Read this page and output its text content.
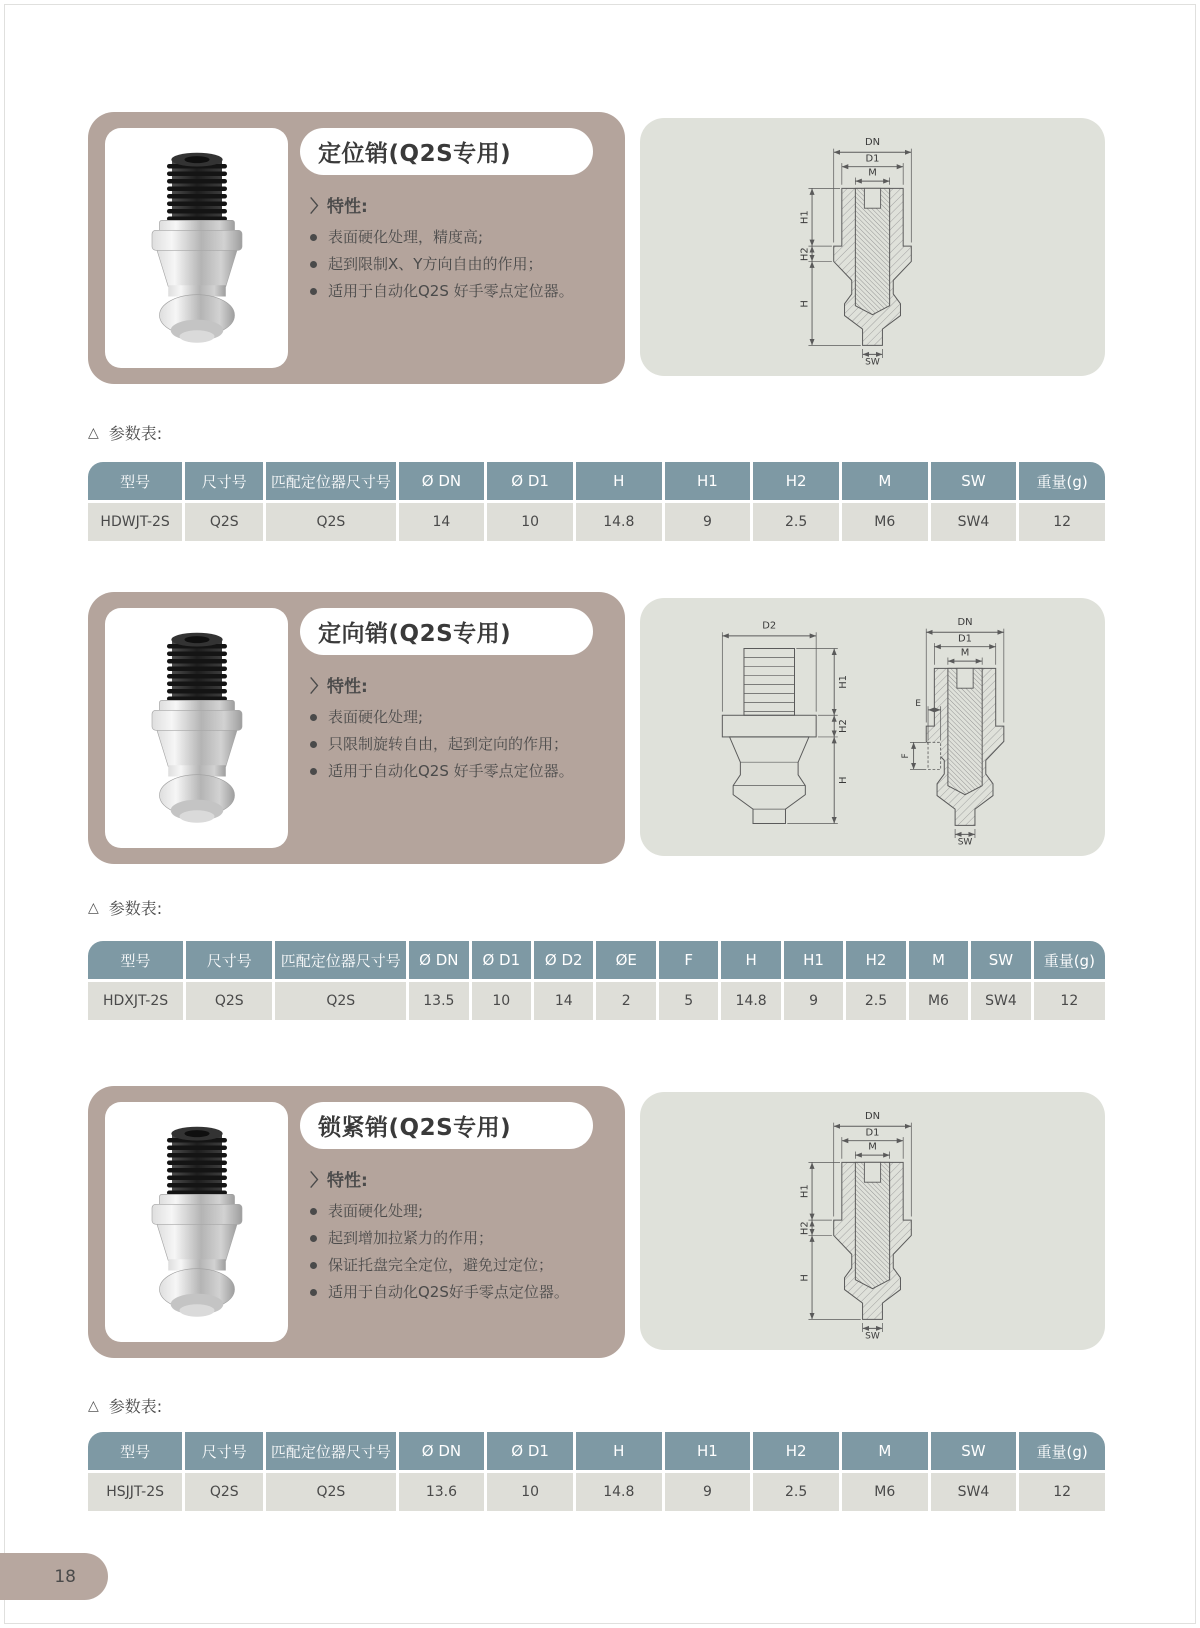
定位销(Q2S专用)
〉特性:
表面硬化处理，精度高;
起到限制X、Y方向自由的作用；
适用于自动化Q2S 好手零点定位器。
DN
D1
M
SW
H1
H2
H
△ 参数表:
型号	尺寸号	匹配定位器尺寸号	Ø DN	Ø D1	H	H1	H2	M	SW	重量(g)
HDWJT-2S	Q2S	Q2S	14	10	14.8	9	2.5	M6	SW4	12
定向销(Q2S专用)
〉特性:
表面硬化处理;
只限制旋转自由，起到定向的作用；
适用于自动化Q2S 好手零点定位器。
D2
H1
H2
H
DN
D1
M
SW
E
F
△ 参数表:
型号	尺寸号	匹配定位器尺寸号	Ø DN	Ø D1	Ø D2	ØE	F	H	H1	H2	M	SW	重量(g)
HDXJT-2S	Q2S	Q2S	13.5	10	14	2	5	14.8	9	2.5	M6	SW4	12
锁紧销(Q2S专用)
〉特性:
表面硬化处理;
起到增加拉紧力的作用；
保证托盘完全定位，避免过定位；
适用于自动化Q2S好手零点定位器。
DN
D1
M
SW
H1
H2
H
△ 参数表:
型号	尺寸号	匹配定位器尺寸号	Ø DN	Ø D1	H	H1	H2	M	SW	重量(g)
HSJJT-2S	Q2S	Q2S	13.6	10	14.8	9	2.5	M6	SW4	12
18
